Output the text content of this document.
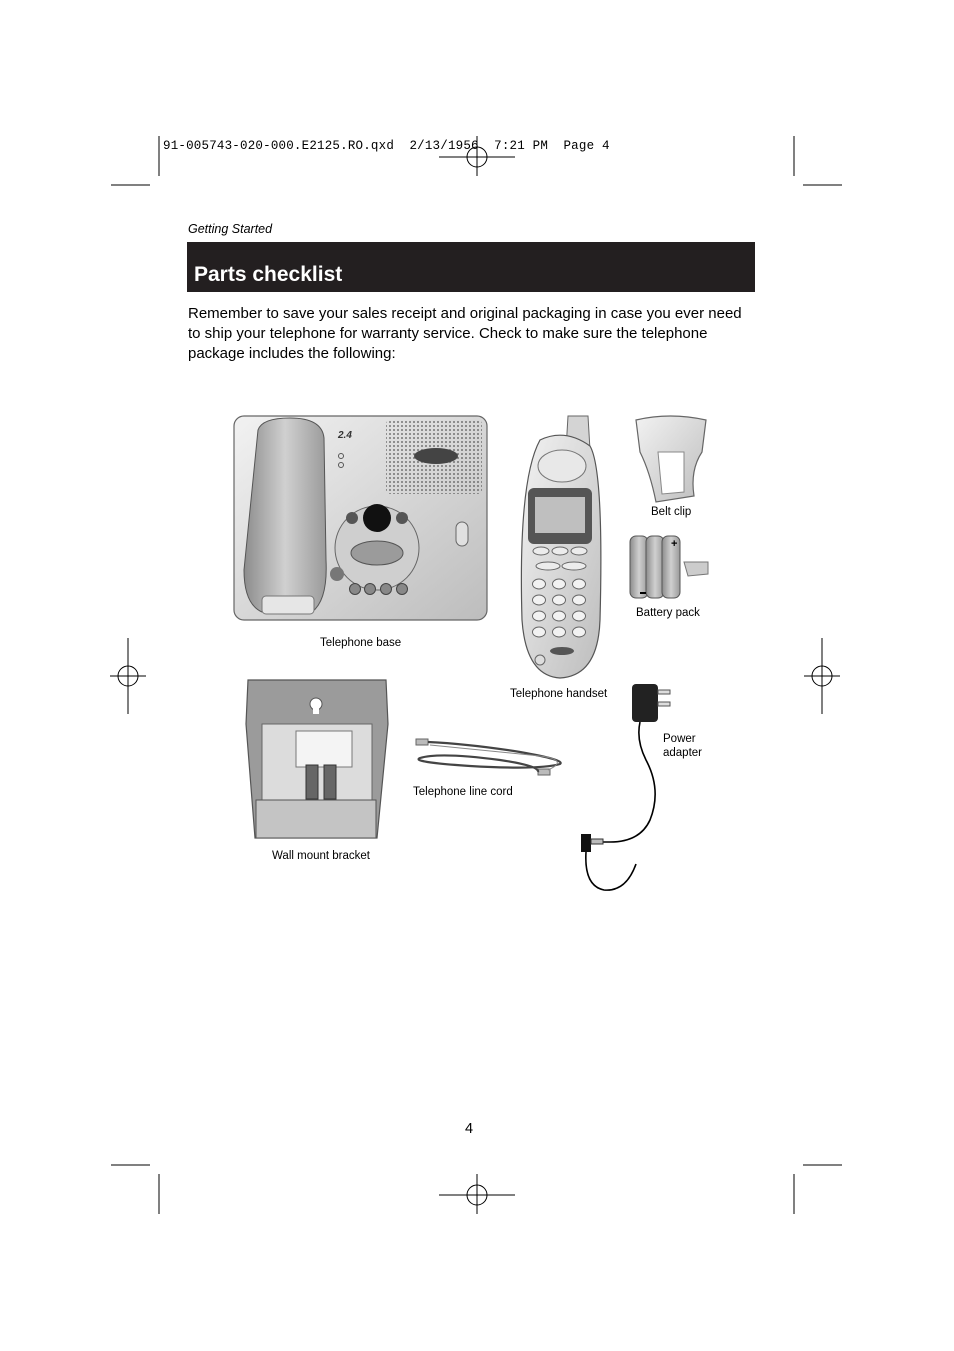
91-005743-020-000.E2125.RO.qxd  2/13/1956  7:21 PM  Page 4
Getting Started
Parts checklist
Remember to save your sales receipt and original packaging in case you ever need to ship your telephone for warranty service. Check to make sure the telephone package includes the following:
2.4
+
Telephone base
Telephone handset
Belt clip
Battery pack
Power
adapter
Telephone line cord
Wall mount bracket
4
